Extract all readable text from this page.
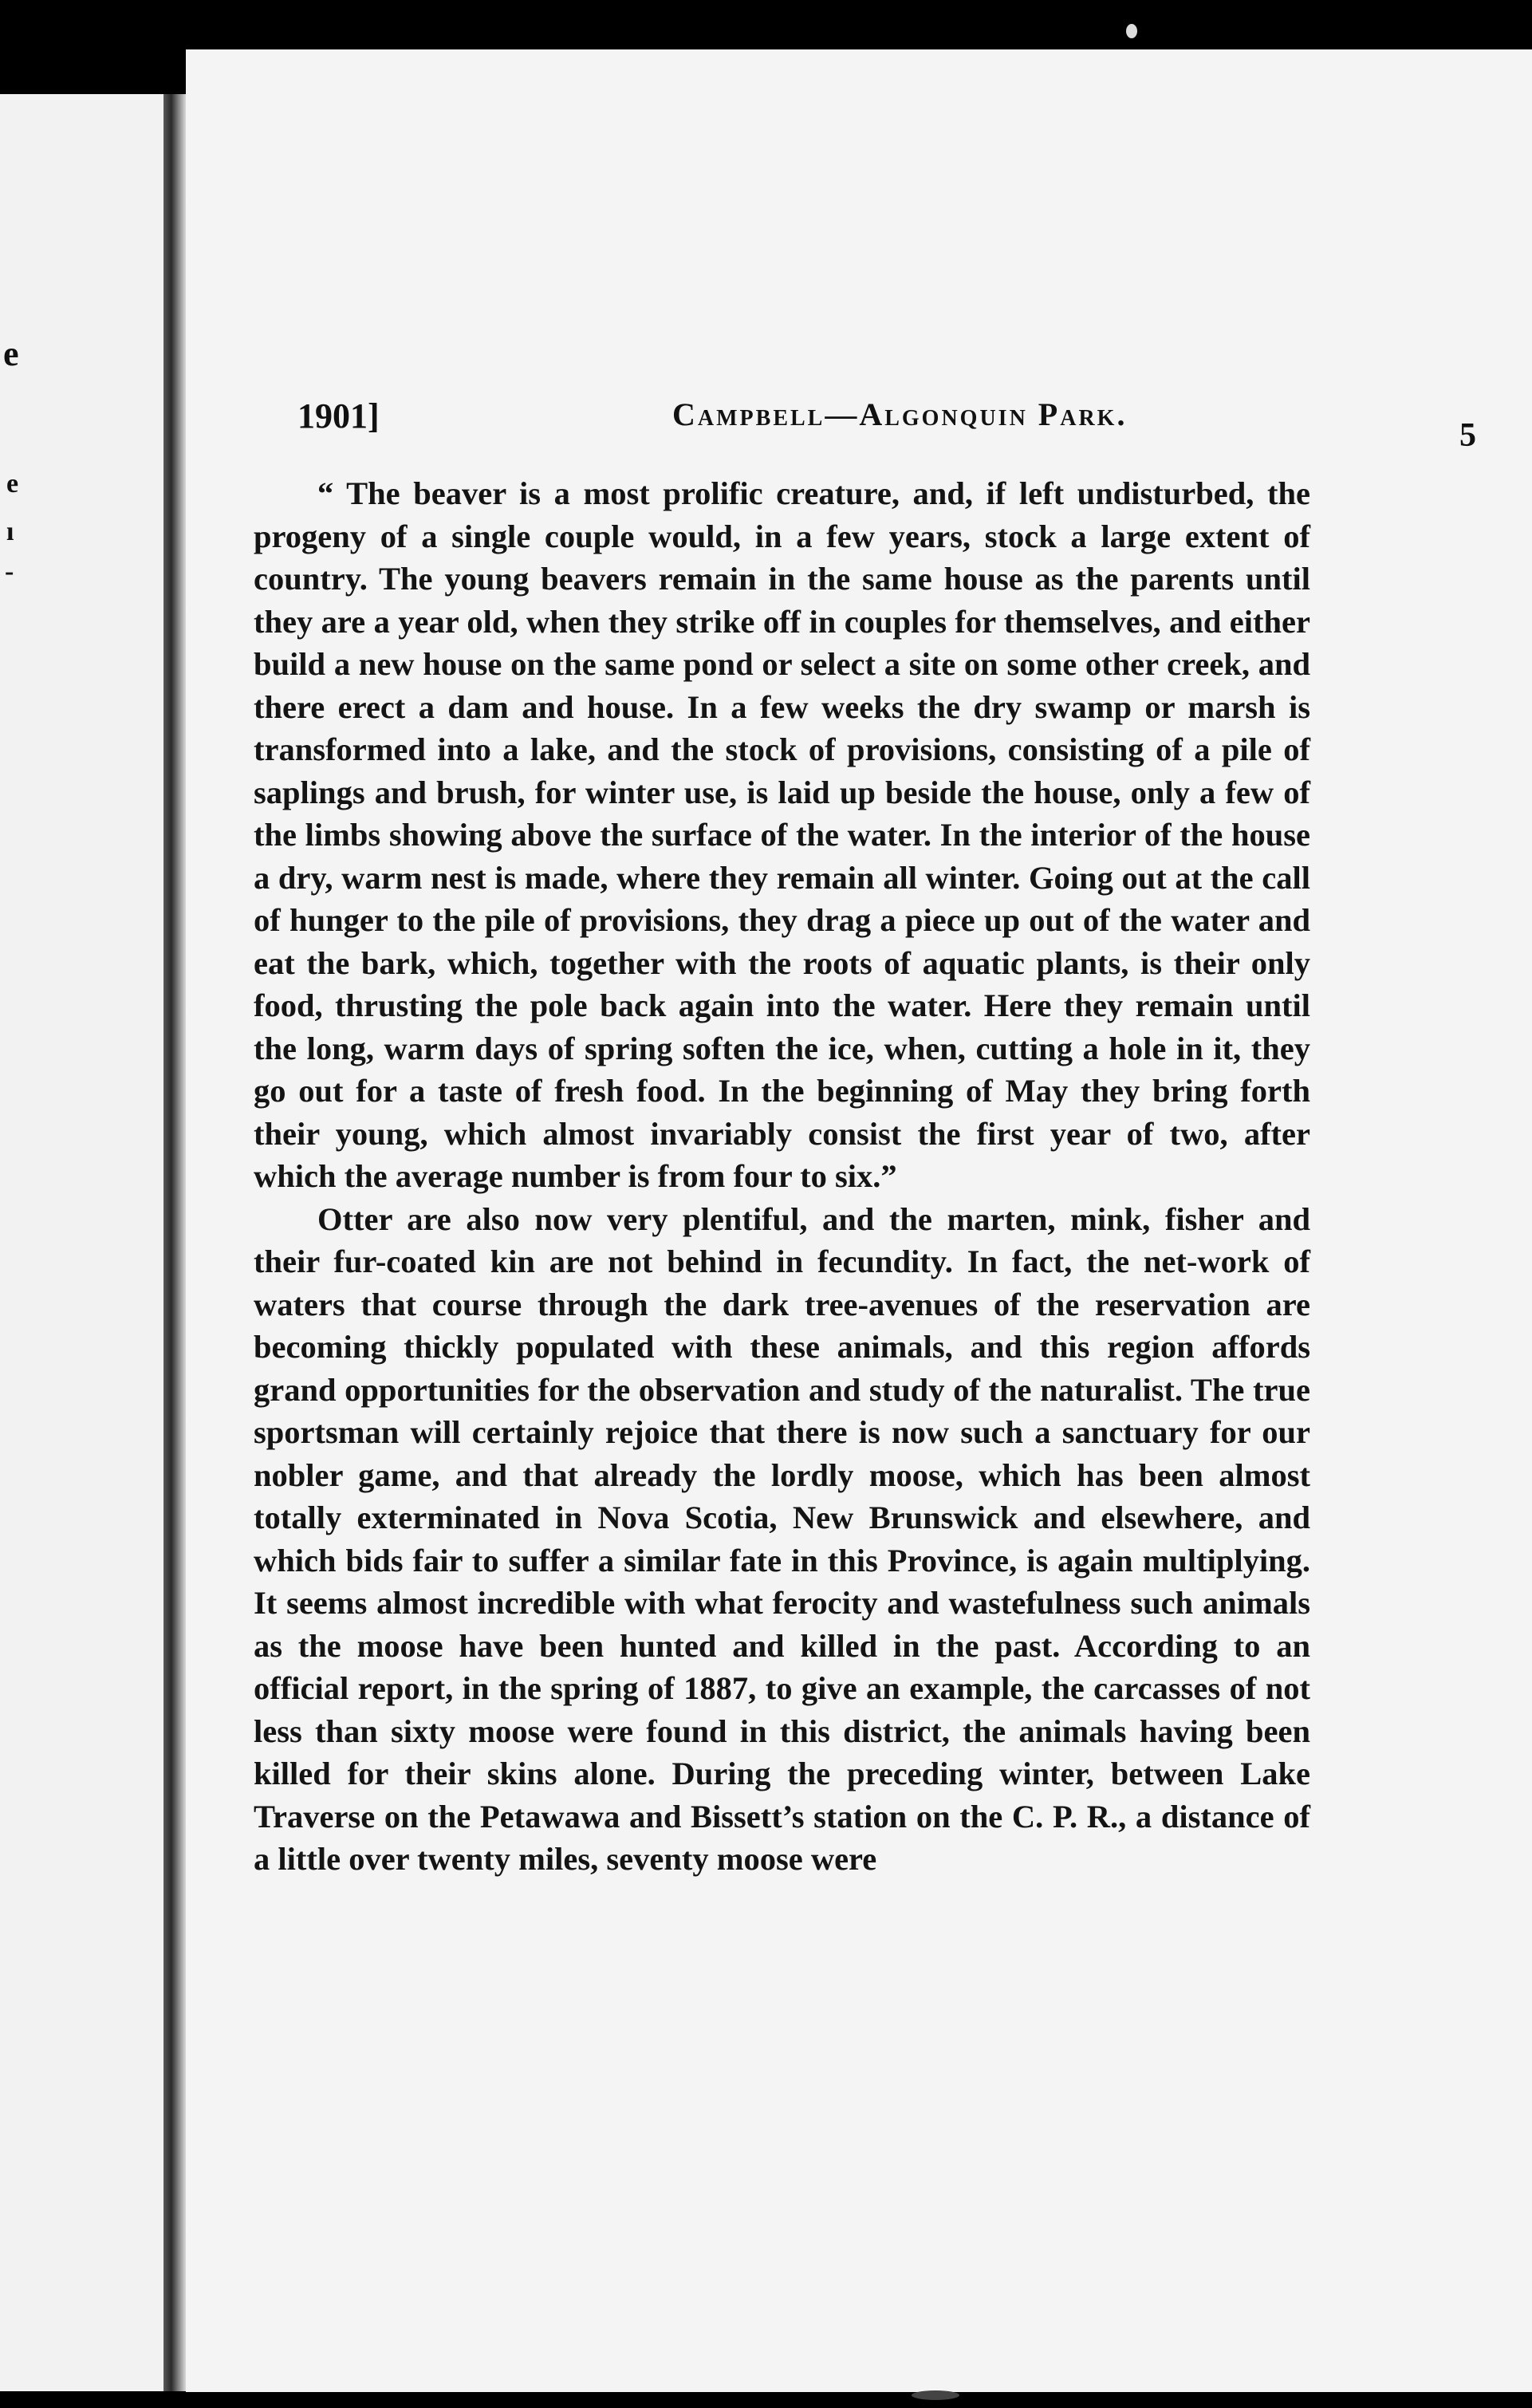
e
e
ı
-
1901]	Campbell—Algonquin Park.
5

“ The beaver is a most prolific creature, and, if left undisturbed, the progeny of a single couple would, in a few years, stock a large extent of country. The young beavers remain in the same house as the parents until they are a year old, when they strike off in couples for themselves, and either build a new house on the same pond or select a site on some other creek, and there erect a dam and house. In a few weeks the dry swamp or marsh is transformed into a lake, and the stock of provisions, consisting of a pile of saplings and brush, for winter use, is laid up beside the house, only a few of the limbs showing above the surface of the water. In the interior of the house a dry, warm nest is made, where they remain all winter. Going out at the call of hunger to the pile of provisions, they drag a piece up out of the water and eat the bark, which, together with the roots of aquatic plants, is their only food, thrusting the pole back again into the water. Here they remain until the long, warm days of spring soften the ice, when, cutting a hole in it, they go out for a taste of fresh food. In the beginning of May they bring forth their young, which almost invariably consist the first year of two, after which the average number is from four to six.”

Otter are also now very plentiful, and the marten, mink, fisher and their fur-coated kin are not behind in fecundity. In fact, the net-work of waters that course through the dark tree-avenues of the reservation are becoming thickly populated with these animals, and this region affords grand opportunities for the observation and study of the naturalist. The true sportsman will certainly rejoice that there is now such a sanctuary for our nobler game, and that already the lordly moose, which has been almost totally exterminated in Nova Scotia, New Brunswick and elsewhere, and which bids fair to suffer a similar fate in this Province, is again multiplying. It seems almost incredible with what ferocity and wastefulness such animals as the moose have been hunted and killed in the past. According to an official report, in the spring of 1887, to give an example, the carcasses of not less than sixty moose were found in this district, the animals having been killed for their skins alone. During the preceding winter, between Lake Traverse on the Petawawa and Bissett’s station on the C. P. R., a distance of a little over twenty miles, seventy moose were
